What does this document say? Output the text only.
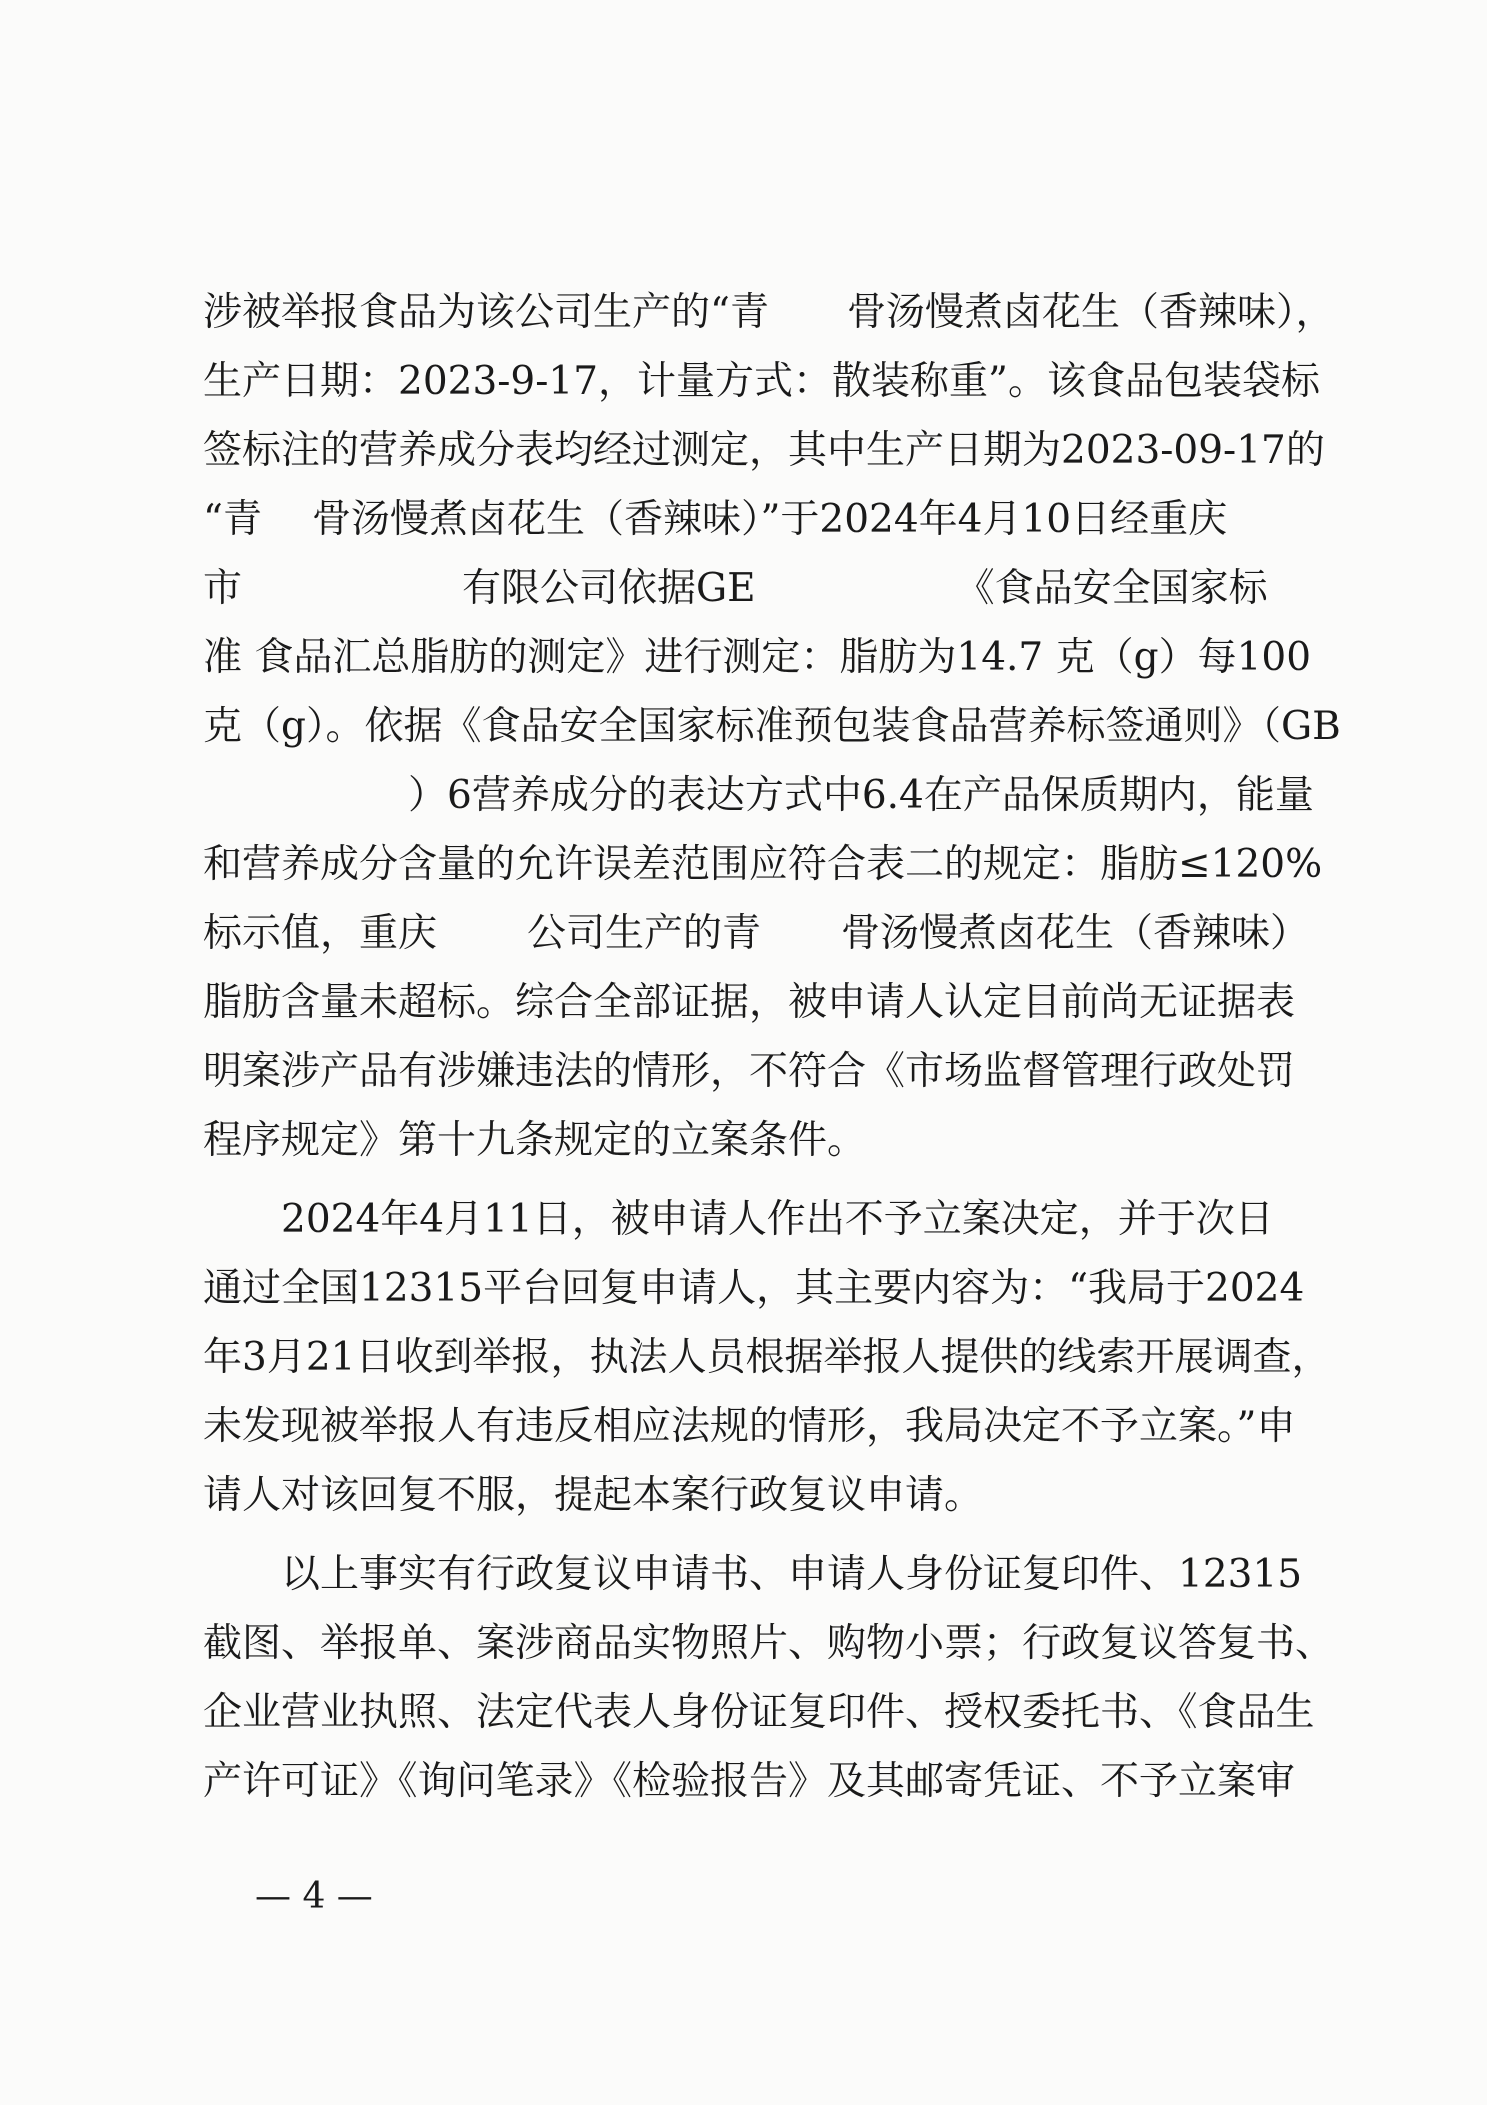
涉被举报食品为该公司生产的“青 骨汤慢煮卤花生（香辣味），
生产日期：2023-9-17，计量方式：散装称重”。该食品包装袋标
签标注的营养成分表均经过测定，其中生产日期为2023-09-17的
“青 骨汤慢煮卤花生（香辣味）”于2024年4月10日经重庆
市	有限公司依据GE	《食品安全国家标
准 食品汇总脂肪的测定》进行测定：脂肪为14.7 克（g）每100
克（g）。依据《食品安全国家标准预包装食品营养标签通则》（GB
）6营养成分的表达方式中6.4在产品保质期内，能量
和营养成分含量的允许误差范围应符合表二的规定：脂肪≤120%
标示值，重庆 公司生产的青 骨汤慢煮卤花生（香辣味）
脂肪含量未超标。综合全部证据，被申请人认定目前尚无证据表
明案涉产品有涉嫌违法的情形，不符合《市场监督管理行政处罚
程序规定》第十九条规定的立案条件。
2024年4月11日，被申请人作出不予立案决定，并于次日
通过全国12315平台回复申请人，其主要内容为：“我局于2024
年3月21日收到举报，执法人员根据举报人提供的线索开展调查，
未发现被举报人有违反相应法规的情形，我局决定不予立案。”申
请人对该回复不服，提起本案行政复议申请。
以上事实有行政复议申请书、申请人身份证复印件、12315
截图、举报单、案涉商品实物照片、购物小票；行政复议答复书、
企业营业执照、法定代表人身份证复印件、授权委托书、《食品生
产许可证》《询问笔录》《检验报告》及其邮寄凭证、不予立案审
— 4 —
